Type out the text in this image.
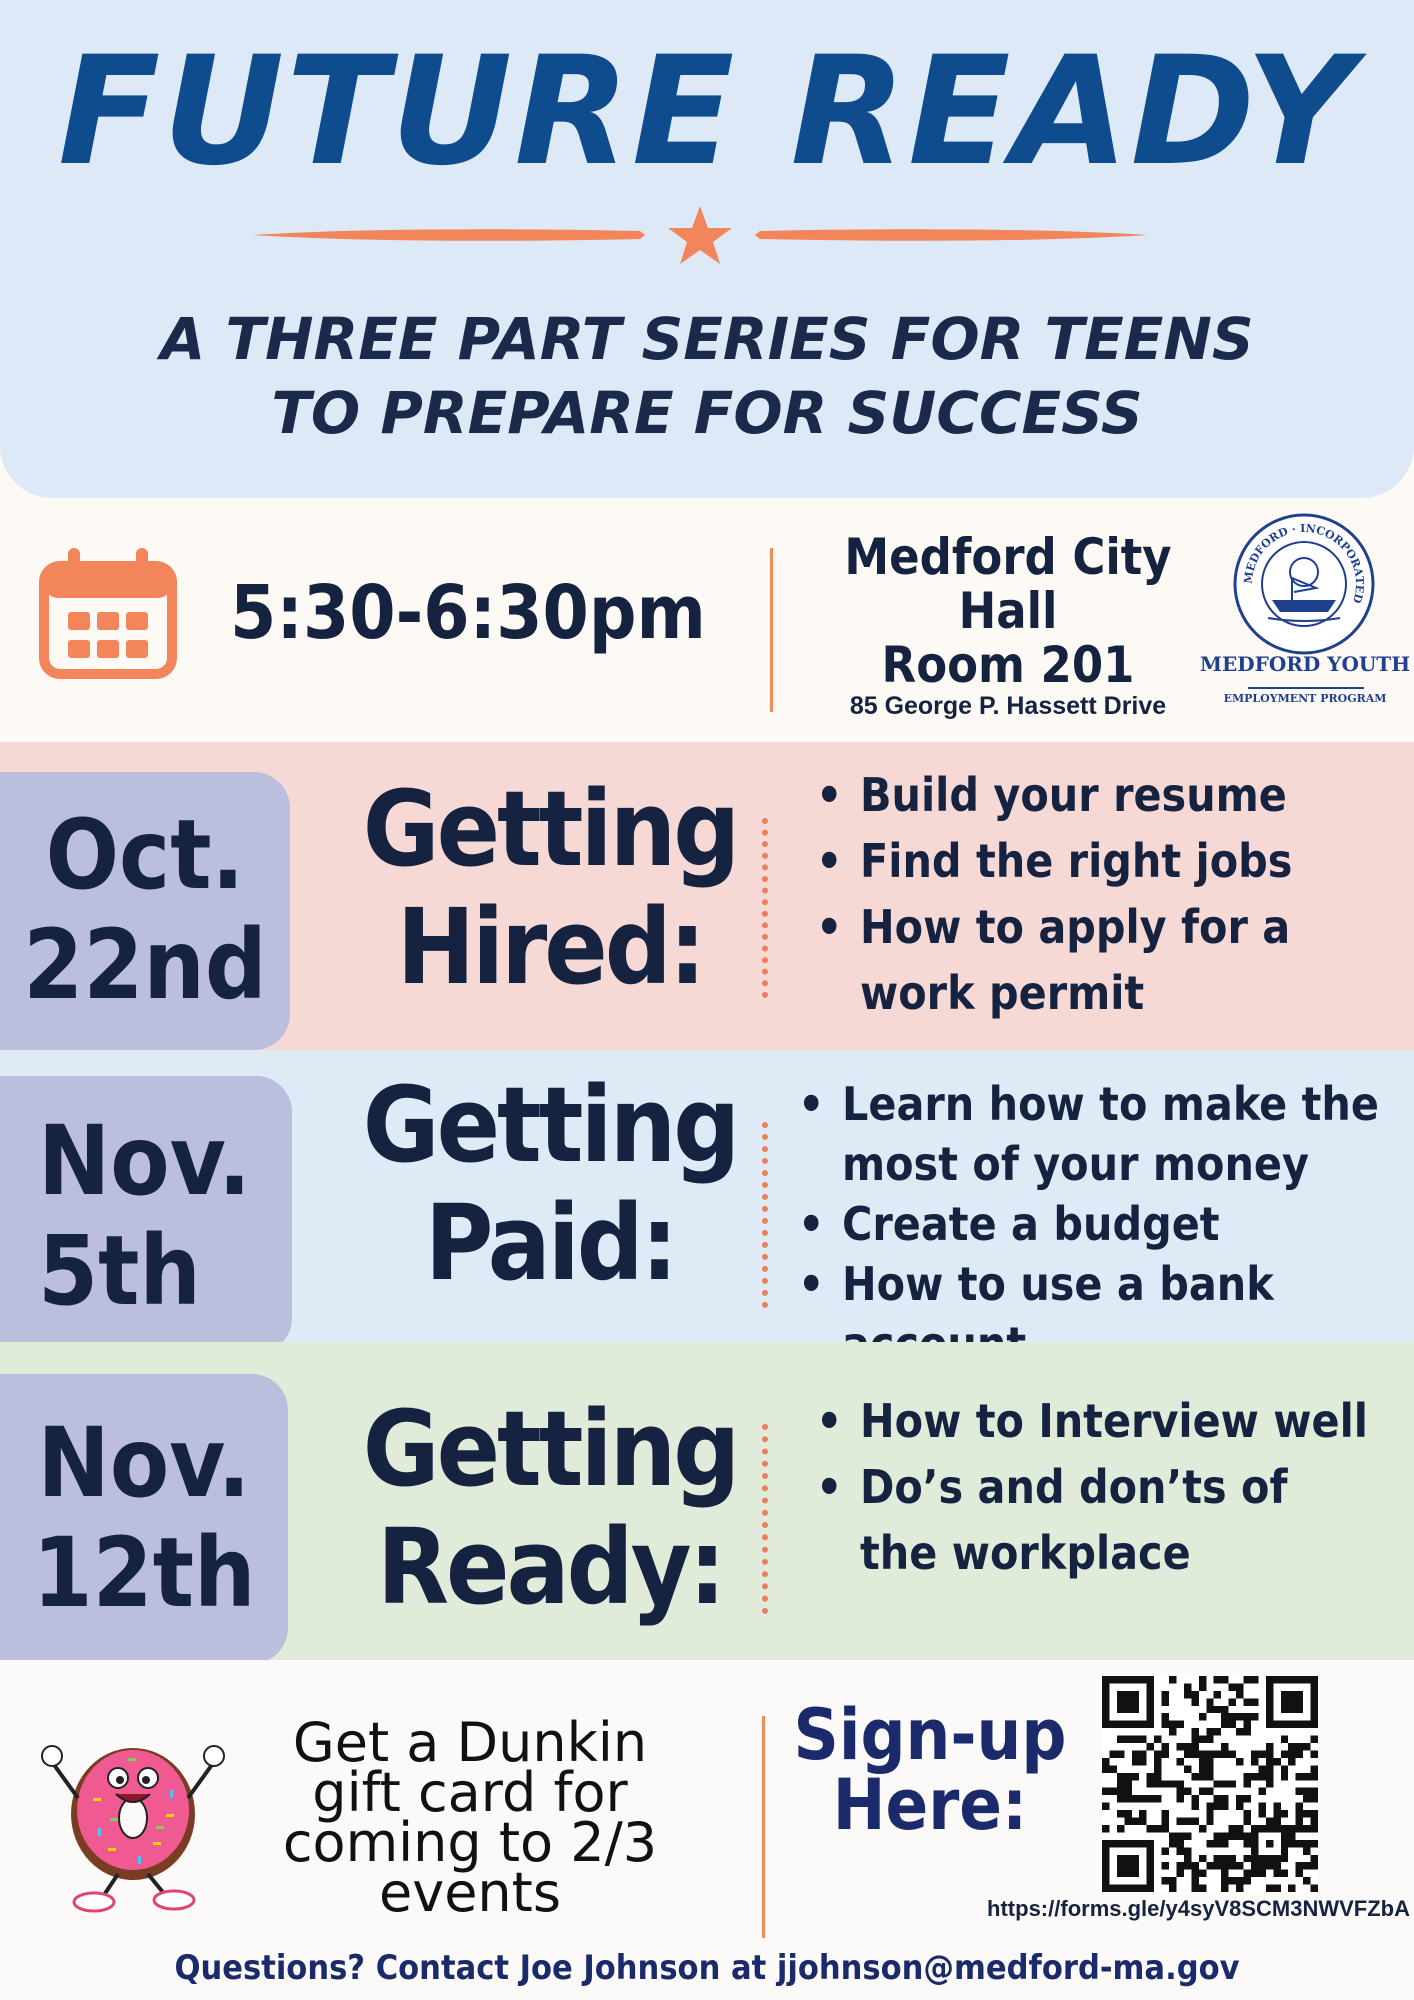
FUTURE READY
A THREE PART SERIES FOR TEENS
TO PREPARE FOR SUCCESS
5:30-6:30pm
Medford City
Hall
Room 201
85 George P. Hassett Drive
MEDFORD · INCORPORATED
MEDFORD YOUTH
EMPLOYMENT PROGRAM
Oct.
22nd
Getting
Hired:
• Build your resume
• Find the right jobs
• How to apply for a work permit
Nov.
5th
Getting
Paid:
• Learn how to make the most of your money
• Create a budget
• How to use a bank
Nov.
12th
Getting
Ready:
• How to Interview well
• Do’s and don’ts of the workplace
Get a Dunkin gift card for coming to 2/3 events
Sign-up
Here:
https://forms.gle/y4syV8SCM3NWVFZbA
Questions? Contact Joe Johnson at jjohnson@medford-ma.gov
